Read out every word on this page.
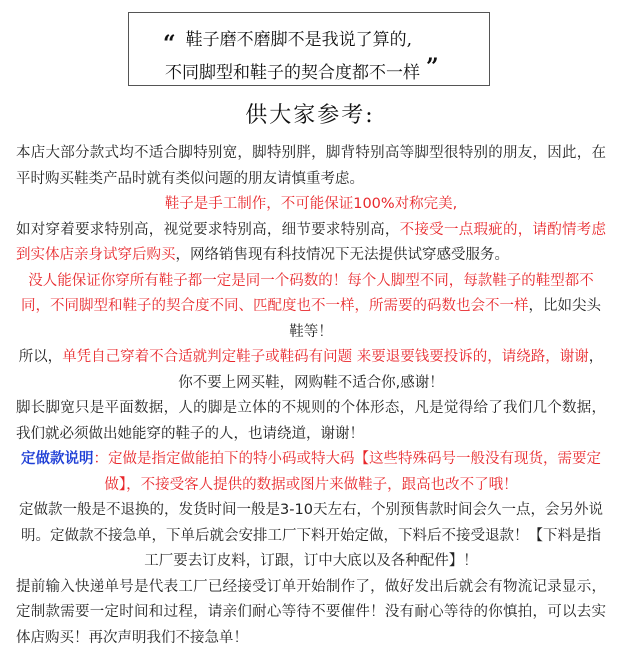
“ 鞋子磨不磨脚不是我说了算的,
不同脚型和鞋子的契合度都不一样 ”
供大家参考:
本店大部分款式均不适合脚特别宽，脚特别胖，脚背特别高等脚型很特别的朋友，因此，在平时购买鞋类产品时就有类似问题的朋友请慎重考虑。
鞋子是手工制作，不可能保证100%对称完美,
如对穿着要求特别高，视觉要求特别高，细节要求特别高，不接受一点瑕疵的，请酌情考虑到实体店亲身试穿后购买，网络销售现有科技情况下无法提供试穿感受服务。
没人能保证你穿所有鞋子都一定是同一个码数的！每个人脚型不同，每款鞋子的鞋型都不同，不同脚型和鞋子的契合度不同、匹配度也不一样，所需要的码数也会不一样，比如尖头鞋等！
所以，单凭自己穿着不合适就判定鞋子或鞋码有问题 来要退要钱要投诉的，请绕路，谢谢，你不要上网买鞋，网购鞋不适合你,感谢！
脚长脚宽只是平面数据，人的脚是立体的不规则的个体形态，凡是觉得给了我们几个数据，我们就必须做出她能穿的鞋子的人，也请绕道，谢谢！
定做款说明：定做是指定做能拍下的特小码或特大码【这些特殊码号一般没有现货，需要定做】，不接受客人提供的数据或图片来做鞋子，跟高也改不了哦！
定做款一般是不退换的，发货时间一般是3-10天左右，个别预售款时间会久一点，会另外说明。定做款不接急单，下单后就会安排工厂下料开始定做，下料后不接受退款！【下料是指工厂要去订皮料，订跟，订中大底以及各种配件】！
提前输入快递单号是代表工厂已经接受订单开始制作了，做好发出后就会有物流记录显示，定制款需要一定时间和过程，请亲们耐心等待不要催件！没有耐心等待的你慎拍，可以去实体店购买！再次声明我们不接急单！
